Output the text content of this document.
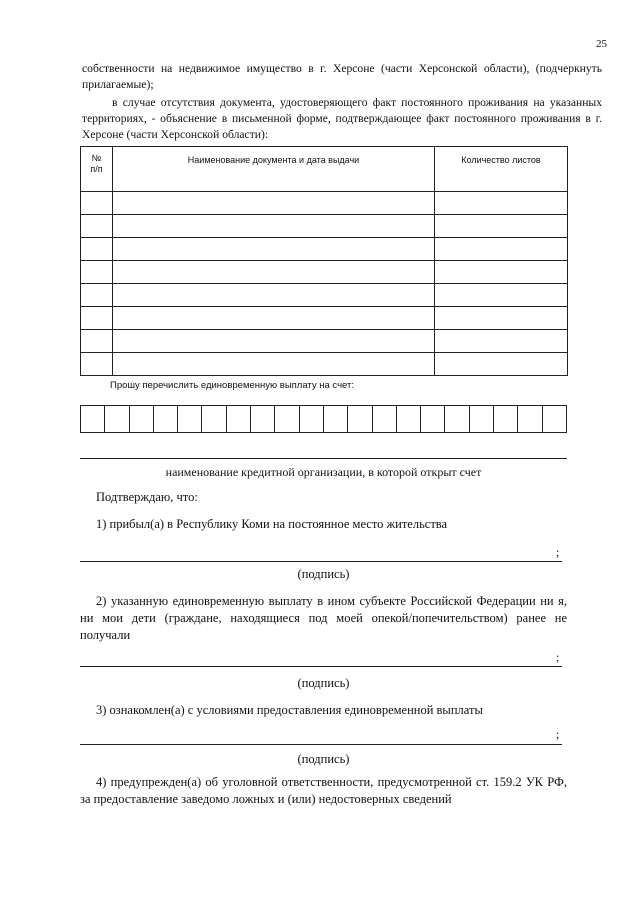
25
собственности на недвижимое имущество в г. Херсоне (части Херсонской области), (подчеркнуть прилагаемые);
в случае отсутствия документа, удостоверяющего факт постоянного проживания на указанных территориях, - объяснение в письменной форме, подтверждающее факт постоянного проживания в г. Херсоне (части Херсонской области):
№
п/п	Наименование документа и дата выдачи	Количество листов

Прошу перечислить единовременную выплату на счет:

наименование кредитной организации, в которой открыт счет
Подтверждаю, что:
1) прибыл(а) в Республику Коми на постоянное место жительства
;
(подпись)
2) указанную единовременную выплату в ином субъекте Российской Федерации ни я, ни мои дети (граждане, находящиеся под моей опекой/попечительством) ранее не получали
;
(подпись)
3) ознакомлен(а) с условиями предоставления единовременной выплаты
;
(подпись)
4) предупрежден(а) об уголовной ответственности, предусмотренной ст. 159.2 УК РФ, за предоставление заведомо ложных и (или) недостоверных сведений
